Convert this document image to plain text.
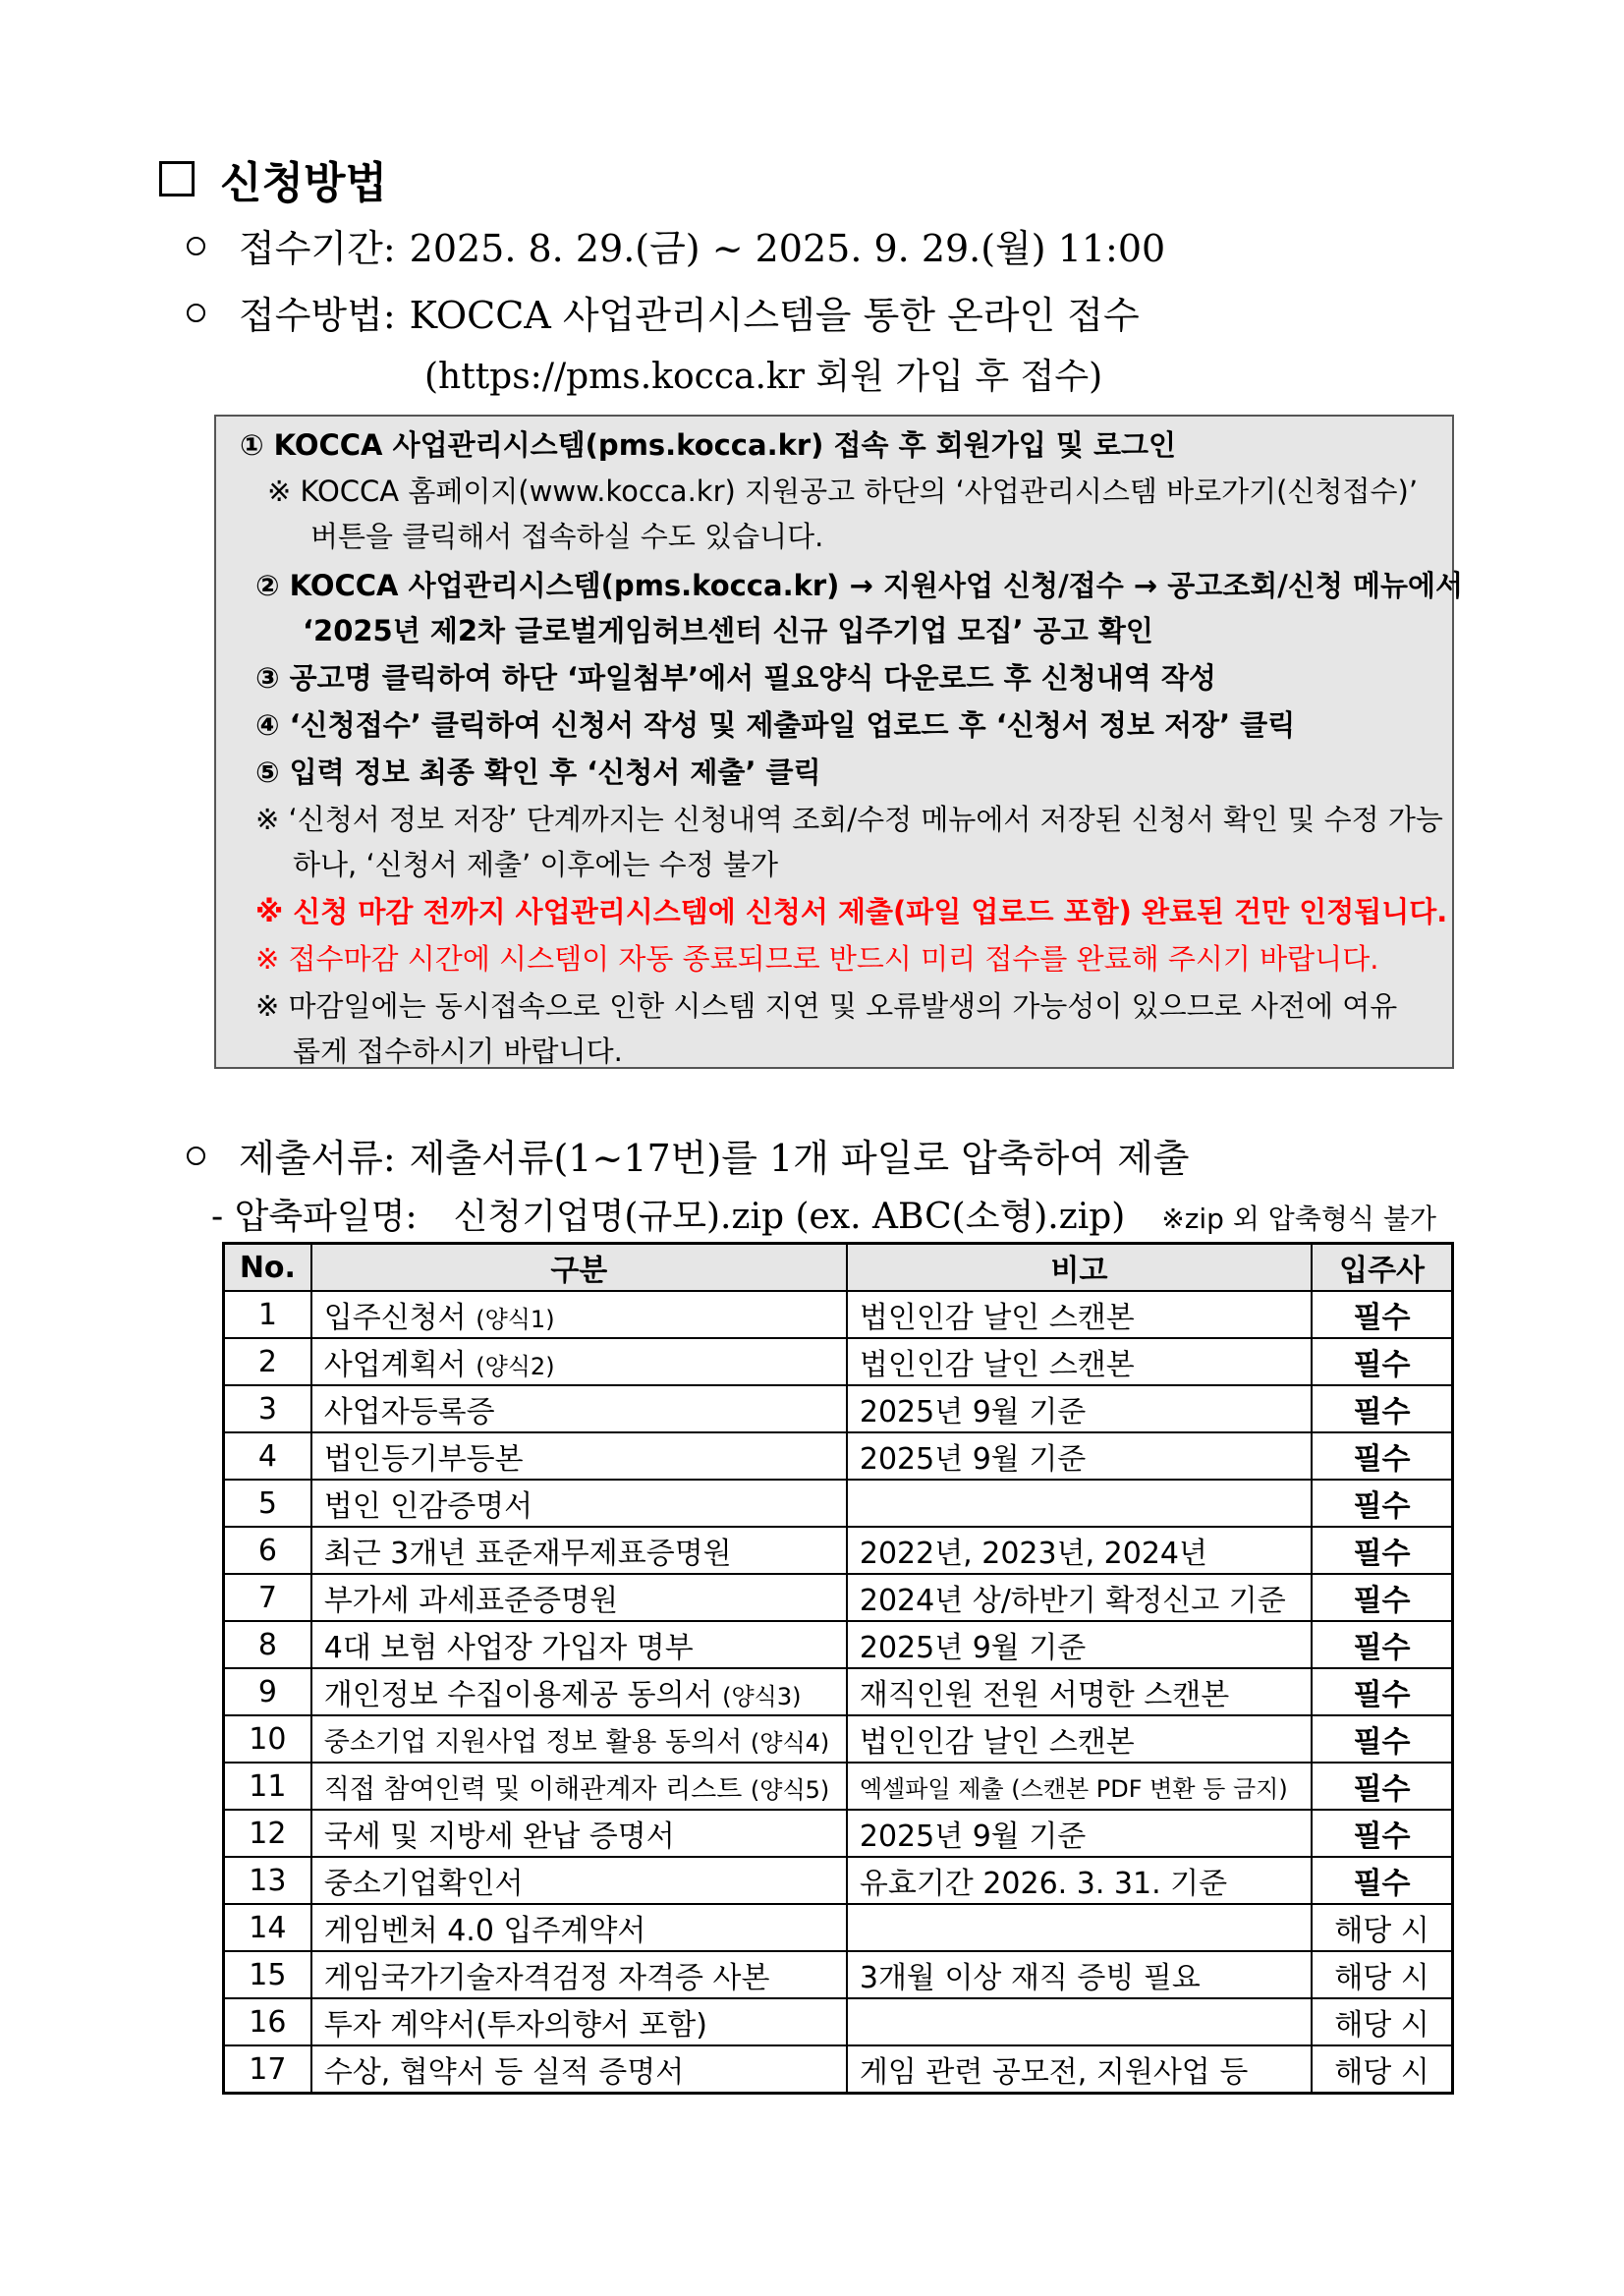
신청방법
접수기간: 2025. 8. 29.(금) ~ 2025. 9. 29.(월) 11:00
접수방법: KOCCA 사업관리시스템을 통한 온라인 접수
(https://pms.kocca.kr 회원 가입 후 접수)
① KOCCA 사업관리시스템(pms.kocca.kr) 접속 후 회원가입 및 로그인
※ KOCCA 홈페이지(www.kocca.kr) 지원공고 하단의 ‘사업관리시스템 바로가기(신청접수)’
버튼을 클릭해서 접속하실 수도 있습니다.
② KOCCA 사업관리시스템(pms.kocca.kr) → 지원사업 신청/접수 → 공고조회/신청 메뉴에서
‘2025년 제2차 글로벌게임허브센터 신규 입주기업 모집’ 공고 확인
③ 공고명 클릭하여 하단 ‘파일첨부’에서 필요양식 다운로드 후 신청내역 작성
④ ‘신청접수’ 클릭하여 신청서 작성 및 제출파일 업로드 후 ‘신청서 정보 저장’ 클릭
⑤ 입력 정보 최종 확인 후 ‘신청서 제출’ 클릭
※ ‘신청서 정보 저장’ 단계까지는 신청내역 조회/수정 메뉴에서 저장된 신청서 확인 및 수정 가능
하나, ‘신청서 제출’ 이후에는 수정 불가
※ 신청 마감 전까지 사업관리시스템에 신청서 제출(파일 업로드 포함) 완료된 건만 인정됩니다.
※ 접수마감 시간에 시스템이 자동 종료되므로 반드시 미리 접수를 완료해 주시기 바랍니다.
※ 마감일에는 동시접속으로 인한 시스템 지연 및 오류발생의 가능성이 있으므로 사전에 여유
롭게 접수하시기 바랍니다.
제출서류: 제출서류(1~17번)를 1개 파일로 압축하여 제출
- 압축파일명: 신청기업명(규모).zip (ex. ABC(소형).zip) ※zip 외 압축형식 불가
No.	구분	비고	입주사
1	입주신청서 (양식1)	법인인감 날인 스캔본	필수
2	사업계획서 (양식2)	법인인감 날인 스캔본	필수
3	사업자등록증	2025년 9월 기준	필수
4	법인등기부등본	2025년 9월 기준	필수
5	법인 인감증명서		필수
6	최근 3개년 표준재무제표증명원	2022년, 2023년, 2024년	필수
7	부가세 과세표준증명원	2024년 상/하반기 확정신고 기준	필수
8	4대 보험 사업장 가입자 명부	2025년 9월 기준	필수
9	개인정보 수집이용제공 동의서 (양식3)	재직인원 전원 서명한 스캔본	필수
10	중소기업 지원사업 정보 활용 동의서 (양식4)	법인인감 날인 스캔본	필수
11	직접 참여인력 및 이해관계자 리스트 (양식5)	엑셀파일 제출 (스캔본 PDF 변환 등 금지)	필수
12	국세 및 지방세 완납 증명서	2025년 9월 기준	필수
13	중소기업확인서	유효기간 2026. 3. 31. 기준	필수
14	게임벤처 4.0 입주계약서		해당 시
15	게임국가기술자격검정 자격증 사본	3개월 이상 재직 증빙 필요	해당 시
16	투자 계약서(투자의향서 포함)		해당 시
17	수상, 협약서 등 실적 증명서	게임 관련 공모전, 지원사업 등	해당 시
